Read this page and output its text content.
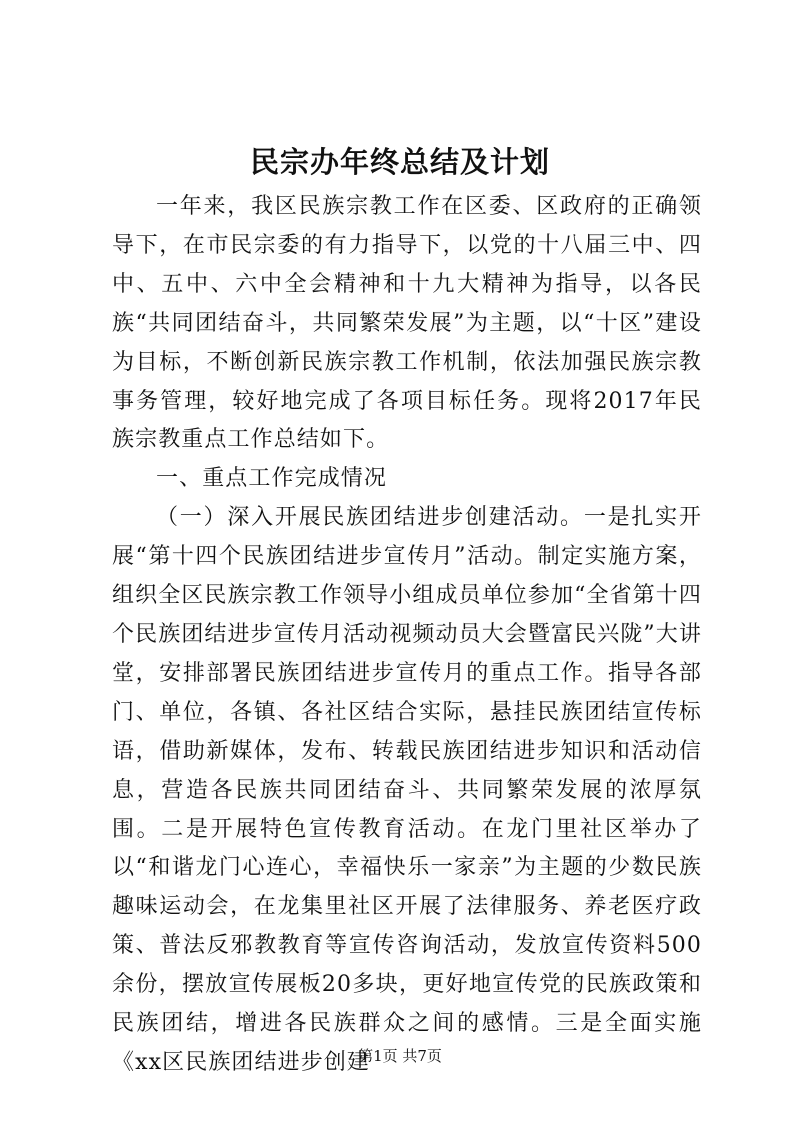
民宗办年终总结及计划

一年来，我区民族宗教工作在区委、区政府的正确领导下，在市民宗委的有力指导下，以党的十八届三中、四中、五中、六中全会精神和十九大精神为指导，以各民族“共同团结奋斗，共同繁荣发展”为主题，以“十区”建设为目标，不断创新民族宗教工作机制，依法加强民族宗教事务管理，较好地完成了各项目标任务。现将2017年民族宗教重点工作总结如下。

一、重点工作完成情况

（一）深入开展民族团结进步创建活动。一是扎实开展“第十四个民族团结进步宣传月”活动。制定实施方案，组织全区民族宗教工作领导小组成员单位参加“全省第十四个民族团结进步宣传月活动视频动员大会暨富民兴陇”大讲堂，安排部署民族团结进步宣传月的重点工作。指导各部门、单位，各镇、各社区结合实际，悬挂民族团结宣传标语，借助新媒体，发布、转载民族团结进步知识和活动信息，营造各民族共同团结奋斗、共同繁荣发展的浓厚氛围。二是开展特色宣传教育活动。在龙门里社区举办了以“和谐龙门心连心，幸福快乐一家亲”为主题的少数民族趣味运动会，在龙集里社区开展了法律服务、养老医疗政策、普法反邪教教育等宣传咨询活动，发放宣传资料500余份，摆放宣传展板20多块，更好地宣传党的民族政策和民族团结，增进各民族群众之间的感情。三是全面实施《xx区民族团结进步创建

第1页 共7页
